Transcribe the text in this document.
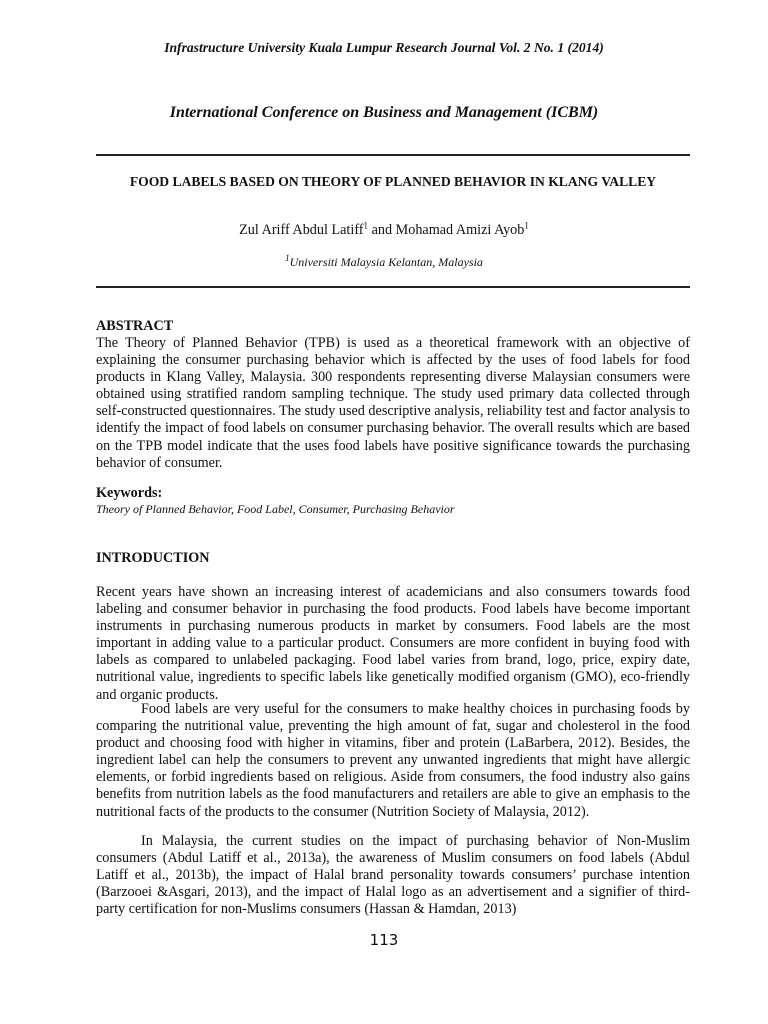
Infrastructure University Kuala Lumpur Research Journal Vol. 2 No. 1 (2014)
International Conference on Business and Management (ICBM)
FOOD LABELS BASED ON THEORY OF PLANNED BEHAVIOR IN KLANG VALLEY
Zul Ariff Abdul Latiff$^1$ and Mohamad Amizi Ayob$^1$
$^1$Universiti Malaysia Kelantan, Malaysia
ABSTRACT
The Theory of Planned Behavior (TPB) is used as a theoretical framework with an objective of explaining the consumer purchasing behavior which is affected by the uses of food labels for food products in Klang Valley, Malaysia. 300 respondents representing diverse Malaysian consumers were obtained using stratified random sampling technique. The study used primary data collected through self-constructed questionnaires. The study used descriptive analysis, reliability test and factor analysis to identify the impact of food labels on consumer purchasing behavior. The overall results which are based on the TPB model indicate that the uses food labels have positive significance towards the purchasing behavior of consumer.
Keywords:
Theory of Planned Behavior, Food Label, Consumer, Purchasing Behavior
INTRODUCTION
Recent years have shown an increasing interest of academicians and also consumers towards food labeling and consumer behavior in purchasing the food products. Food labels have become important instruments in purchasing numerous products in market by consumers. Food labels are the most important in adding value to a particular product. Consumers are more confident in buying food with labels as compared to unlabeled packaging. Food label varies from brand, logo, price, expiry date, nutritional value, ingredients to specific labels like genetically modified organism (GMO), eco-friendly and organic products.
Food labels are very useful for the consumers to make healthy choices in purchasing foods by comparing the nutritional value, preventing the high amount of fat, sugar and cholesterol in the food product and choosing food with higher in vitamins, fiber and protein (LaBarbera, 2012). Besides, the ingredient label can help the consumers to prevent any unwanted ingredients that might have allergic elements, or forbid ingredients based on religious. Aside from consumers, the food industry also gains benefits from nutrition labels as the food manufacturers and retailers are able to give an emphasis to the nutritional facts of the products to the consumer (Nutrition Society of Malaysia, 2012).
In Malaysia, the current studies on the impact of purchasing behavior of Non-Muslim consumers (Abdul Latiff et al., 2013a), the awareness of Muslim consumers on food labels (Abdul Latiff et al., 2013b), the impact of Halal brand personality towards consumers’ purchase intention (Barzooei &Asgari, 2013), and the impact of Halal logo as an advertisement and a signifier of third-party certification for non-Muslims consumers (Hassan & Hamdan, 2013)
113
